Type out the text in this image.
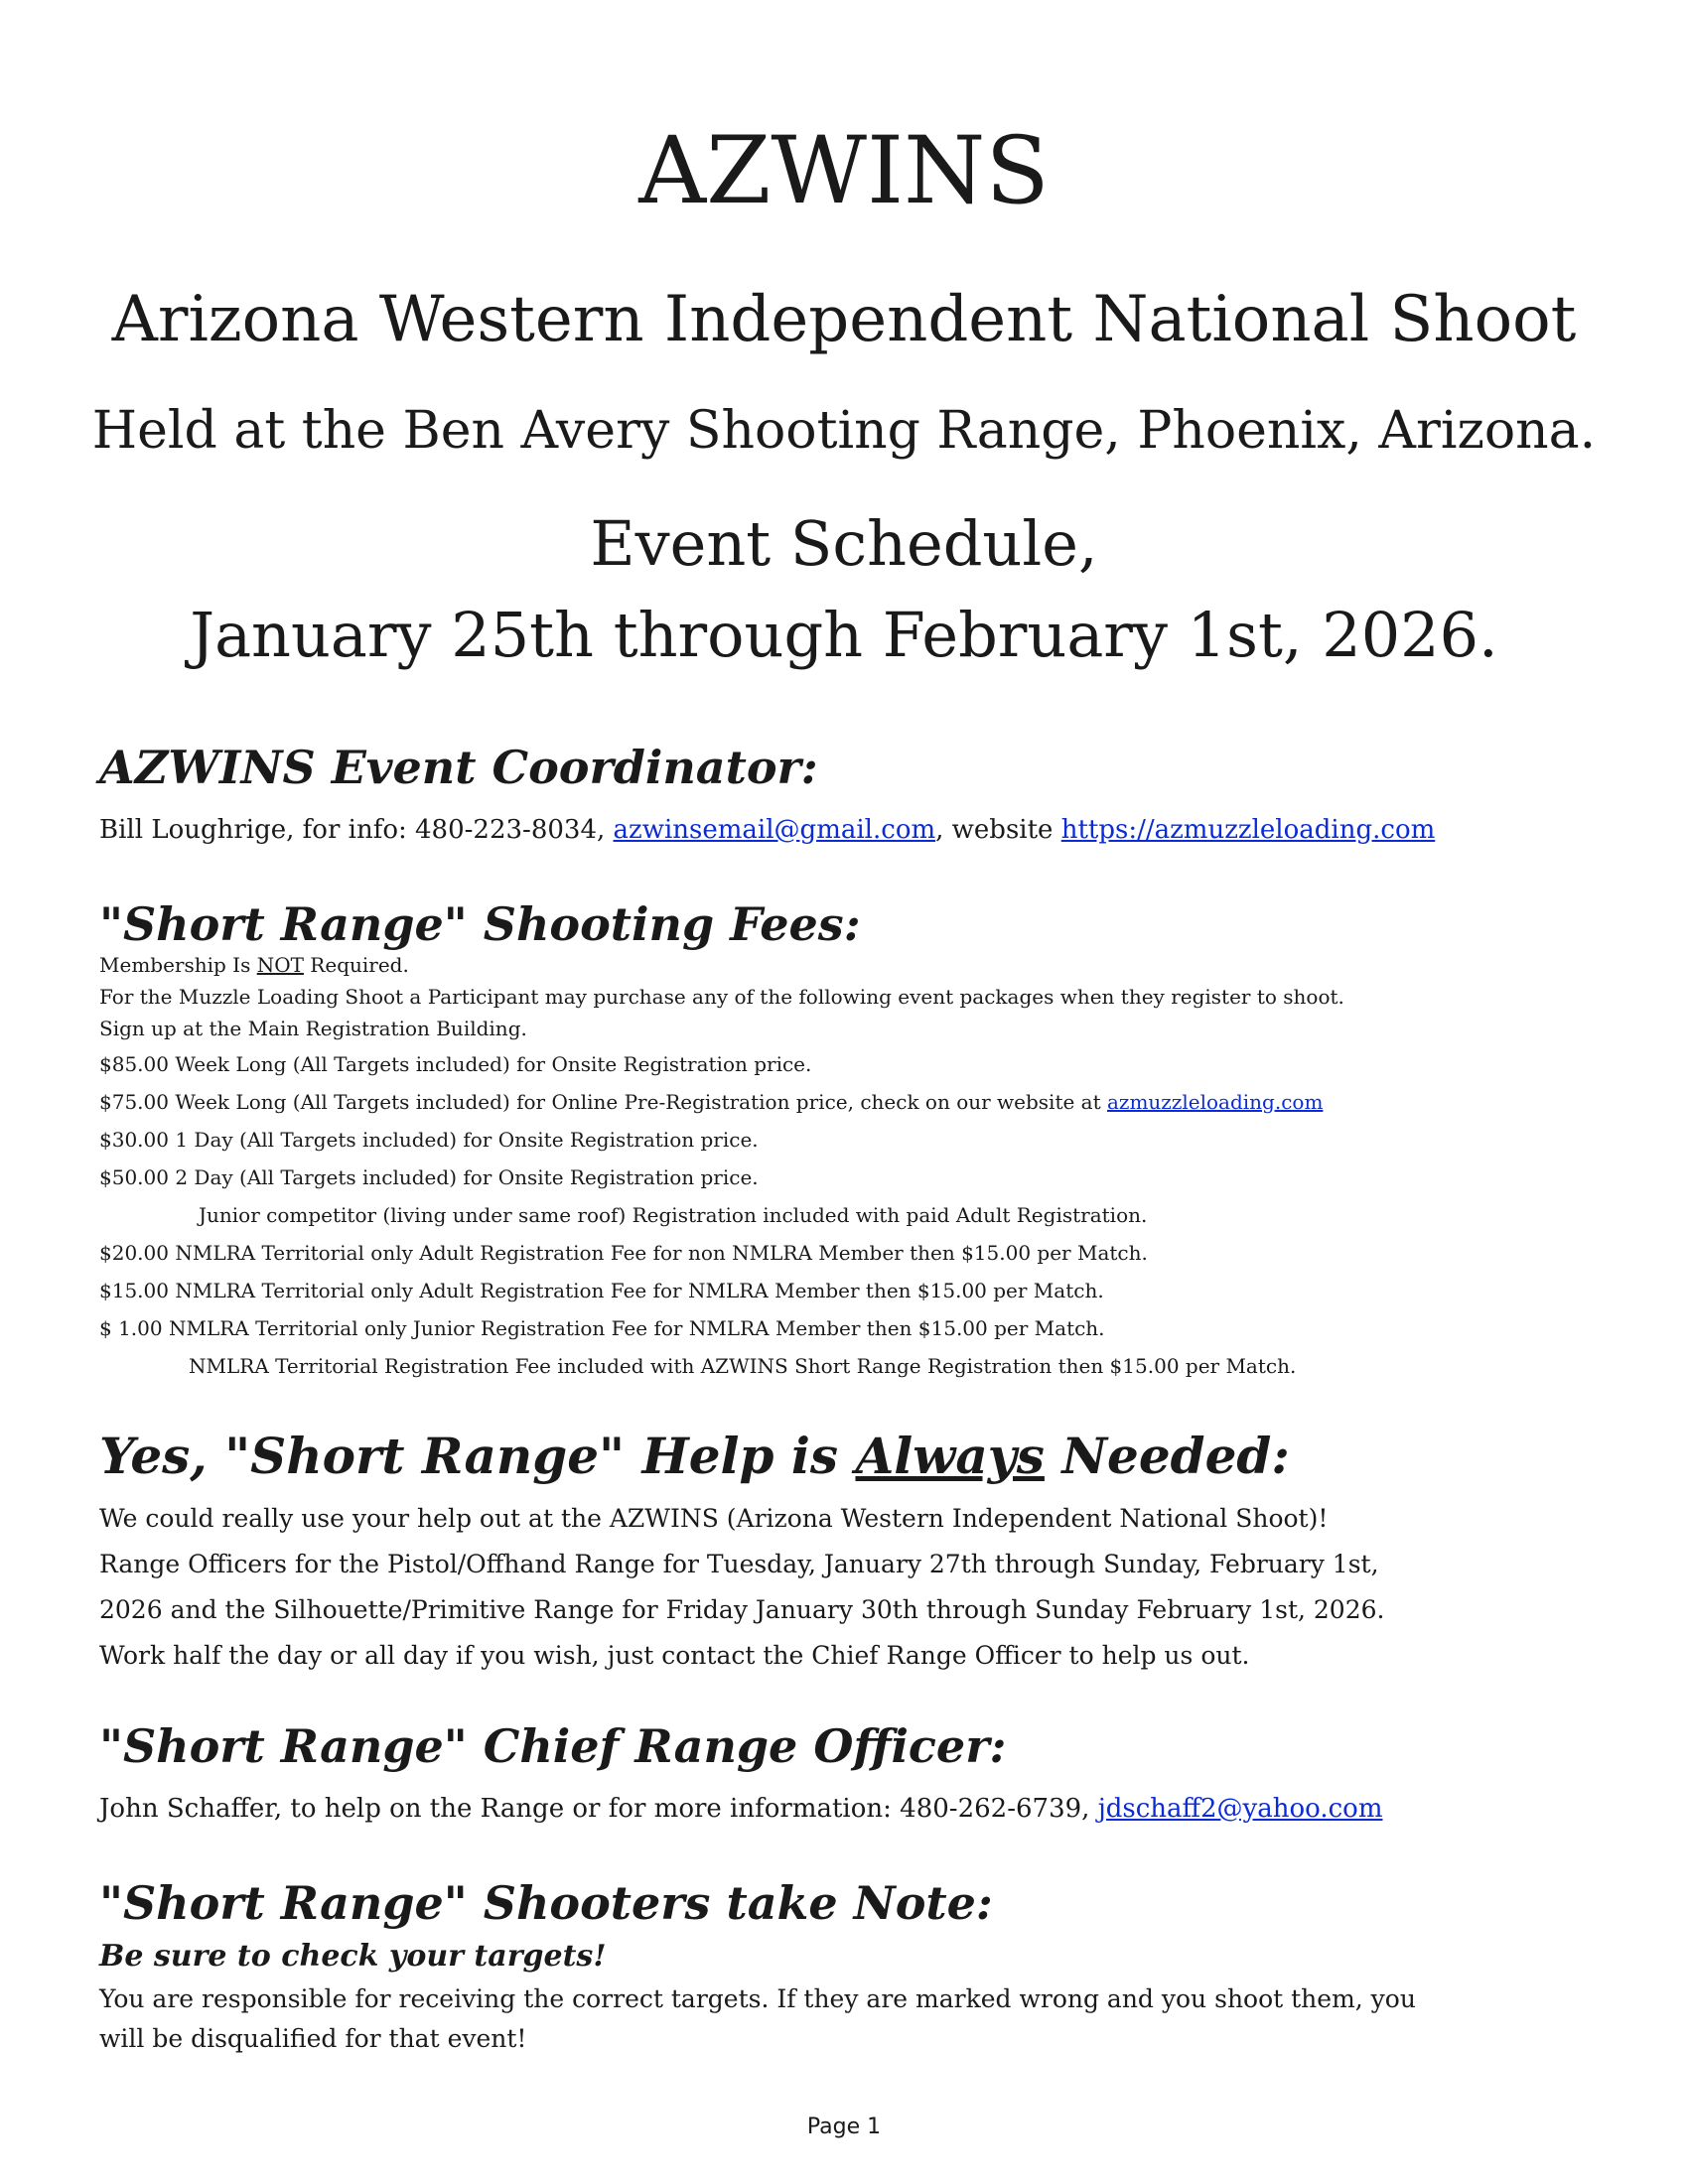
AZWINS
Arizona Western Independent National Shoot
Held at the Ben Avery Shooting Range, Phoenix, Arizona.
Event Schedule,
January 25th through February 1st, 2026.
AZWINS Event Coordinator:
Bill Loughrige, for info: 480-223-8034, azwinsemail@gmail.com, website https://azmuzzleloading.com
"Short Range" Shooting Fees:
Membership Is NOT Required.
For the Muzzle Loading Shoot a Participant may purchase any of the following event packages when they register to shoot.
Sign up at the Main Registration Building.
$85.00 Week Long (All Targets included) for Onsite Registration price.
$75.00 Week Long (All Targets included) for Online Pre-Registration price, check on our website at azmuzzleloading.com
$30.00 1 Day (All Targets included) for Onsite Registration price.
$50.00 2 Day (All Targets included) for Onsite Registration price.
Junior competitor (living under same roof) Registration included with paid Adult Registration.
$20.00 NMLRA Territorial only Adult Registration Fee for non NMLRA Member then $15.00 per Match.
$15.00 NMLRA Territorial only Adult Registration Fee for NMLRA Member then $15.00 per Match.
$ 1.00 NMLRA Territorial only Junior Registration Fee for NMLRA Member then $15.00 per Match.
NMLRA Territorial Registration Fee included with AZWINS Short Range Registration then $15.00 per Match.
Yes, "Short Range" Help is Always Needed:
We could really use your help out at the AZWINS (Arizona Western Independent National Shoot)!
Range Officers for the Pistol/Offhand Range for Tuesday, January 27th through Sunday, February 1st,
2026 and the Silhouette/Primitive Range for Friday January 30th through Sunday February 1st, 2026.
Work half the day or all day if you wish, just contact the Chief Range Officer to help us out.
"Short Range" Chief Range Officer:
John Schaffer, to help on the Range or for more information: 480-262-6739, jdschaff2@yahoo.com
"Short Range" Shooters take Note:
Be sure to check your targets!
You are responsible for receiving the correct targets. If they are marked wrong and you shoot them, you
will be disqualified for that event!
Page 1
